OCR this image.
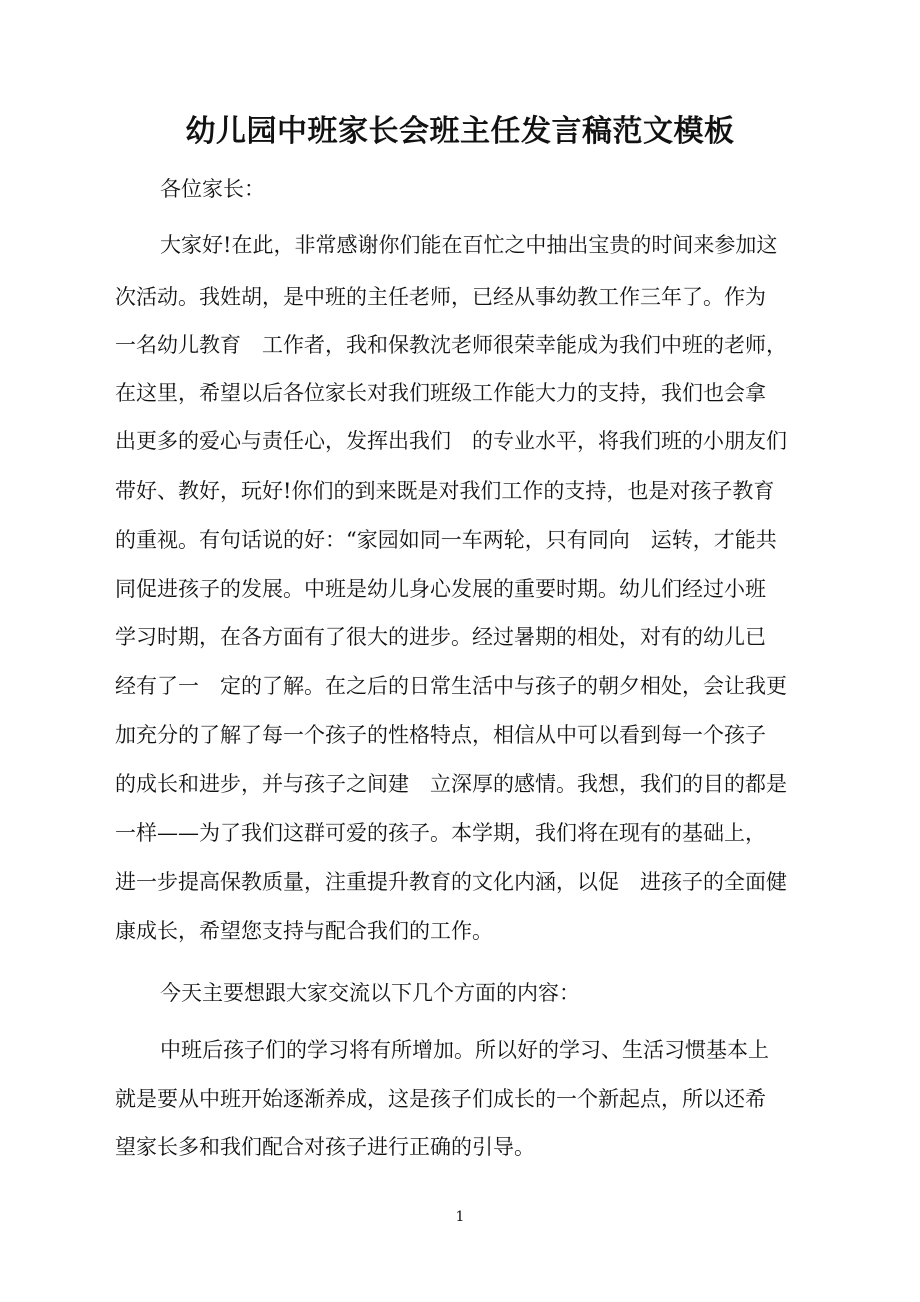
幼儿园中班家长会班主任发言稿范文模板
各位家长：
大家好!在此，非常感谢你们能在百忙之中抽出宝贵的时间来参加这
次活动。我姓胡，是中班的主任老师，已经从事幼教工作三年了。作为
一名幼儿教育　工作者，我和保教沈老师很荣幸能成为我们中班的老师，
在这里，希望以后各位家长对我们班级工作能大力的支持，我们也会拿
出更多的爱心与责任心，发挥出我们　的专业水平，将我们班的小朋友们
带好、教好，玩好!你们的到来既是对我们工作的支持，也是对孩子教育
的重视。有句话说的好：“家园如同一车两轮，只有同向　运转，才能共
同促进孩子的发展。中班是幼儿身心发展的重要时期。幼儿们经过小班
学习时期，在各方面有了很大的进步。经过暑期的相处，对有的幼儿已
经有了一　定的了解。在之后的日常生活中与孩子的朝夕相处，会让我更
加充分的了解了每一个孩子的性格特点，相信从中可以看到每一个孩子
的成长和进步，并与孩子之间建　立深厚的感情。我想，我们的目的都是
一样——为了我们这群可爱的孩子。本学期，我们将在现有的基础上，
进一步提高保教质量，注重提升教育的文化内涵，以促　进孩子的全面健
康成长，希望您支持与配合我们的工作。
今天主要想跟大家交流以下几个方面的内容：
中班后孩子们的学习将有所增加。所以好的学习、生活习惯基本上
就是要从中班开始逐渐养成，这是孩子们成长的一个新起点，所以还希
望家长多和我们配合对孩子进行正确的引导。
1
